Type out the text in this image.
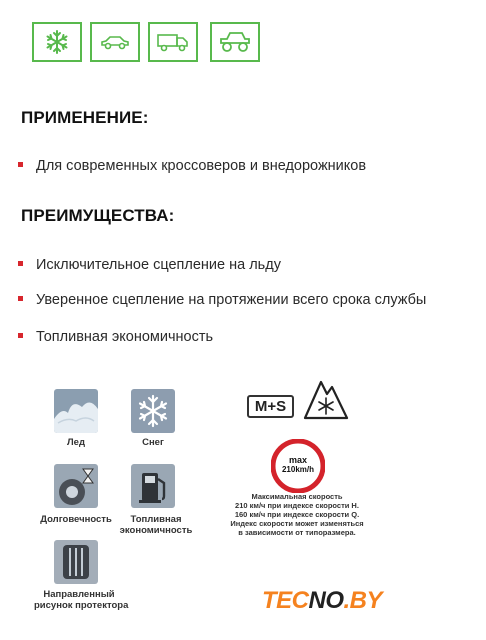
ПРИМЕНЕНИЕ:
Для современных кроссоверов и внедорожников
ПРЕИМУЩЕСТВА:
Исключительное сцепление на льду
Уверенное сцепление на протяжении всего срока службы
Топливная экономичность
Лед	Снег
Долговечность	Топливная
экономичность
Направленный
рисунок протектора
M+S
max
210km/h
Максимальная скорость
210 км/ч при индексе скорости H.
160 км/ч при индексе скорости Q.
Индекс скорости может изменяться
в зависимости от типоразмера.
TECNO.BY
